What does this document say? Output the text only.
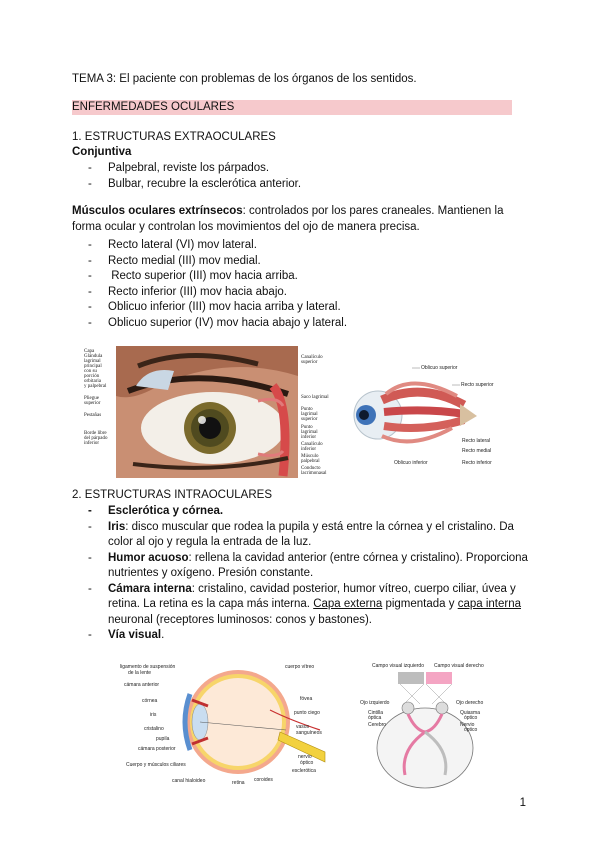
TEMA 3: El paciente con problemas de los órganos de los sentidos.
ENFERMEDADES OCULARES
1. ESTRUCTURAS EXTRAOCULARES
Conjuntiva
- Palpebral, reviste los párpados.
- Bulbar, recubre la esclerótica anterior.
Músculos oculares extrínsecos: controlados por los pares craneales. Mantienen la forma ocular y controlan los movimientos del ojo de manera precisa.
- Recto lateral (VI) mov lateral.
- Recto medial (III) mov medial.
-  Recto superior (III) mov hacia arriba.
- Recto inferior (III) mov hacia abajo.
- Oblicuo inferior (III) mov hacia arriba y lateral.
- Oblicuo superior (IV) mov hacia abajo y lateral.
Capa
Glándula
lagrimal
principal
con su
porción
orbitaria
y palpebral
Pliegue
superior
Pestañas
Borde libre
del párpado
inferior
Canalículo
superior
Saco lagrimal
Punto
lagrimal
superior
Punto
lagrimal
inferior
Canalículo
inferior
Músculo
palpebral
Conducto
lacrimonasal
Oblicuo superior
Recto superior
Recto lateral
Recto medial
Recto inferior
Oblicuo inferior
2. ESTRUCTURAS INTRAOCULARES
- Esclerótica y córnea.
- Iris: disco muscular que rodea la pupila y está entre la córnea y el cristalino. Da color al ojo y regula la entrada de la luz.
- Humor acuoso: rellena la cavidad anterior (entre córnea y cristalino). Proporciona nutrientes y oxígeno. Presión constante.
- Cámara interna: cristalino, cavidad posterior, humor vítreo, cuerpo ciliar, úvea y retina. La retina es la capa más interna. Capa externa pigmentada y capa interna neuronal (receptores luminosos: conos y bastones).
- Vía visual.
ligamento de suspensión
de la lente
cámara anterior
córnea
iris
cristalino
pupila
cámara posterior
Cuerpo y músculos ciliares
canal hialoideo	retina coroides
esclerótica
nervio
óptico
vasos
sanguíneos
punto ciego
fóvea
cuerpo vítreo	Campo visual izquierdo Campo visual derecho
Ojo izquierdo	Ojo derecho
Quiasma
óptico
Cintilla
óptica
Nervio
óptico
Cerebro
1
